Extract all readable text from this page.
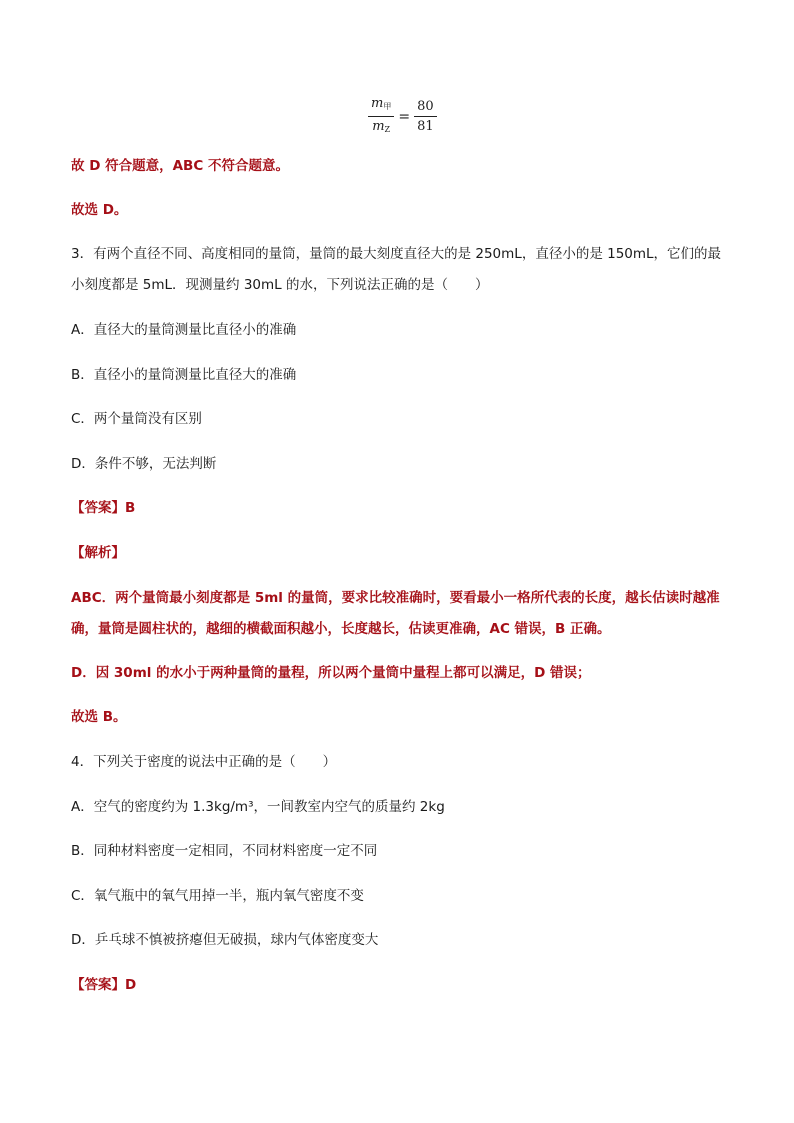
$\frac{m_甲}{m_Z} = \frac{80}{81}$
故 D 符合题意，ABC 不符合题意。
故选 D。
3．有两个直径不同、高度相同的量筒，量筒的最大刻度直径大的是 250mL，直径小的是 150mL，它们的最
小刻度都是 5mL．现测量约 30mL 的水，下列说法正确的是（　　）
A．直径大的量筒测量比直径小的准确
B．直径小的量筒测量比直径大的准确
C．两个量筒没有区别
D．条件不够，无法判断
【答案】B
【解析】
ABC．两个量筒最小刻度都是 5ml 的量筒，要求比较准确时，要看最小一格所代表的长度，越长估读时越准
确，量筒是圆柱状的，越细的横截面积越小，长度越长，估读更准确，AC 错误，B 正确。
D．因 30ml 的水小于两种量筒的量程，所以两个量筒中量程上都可以满足，D 错误；
故选 B。
4．下列关于密度的说法中正确的是（　　）
A．空气的密度约为 1.3kg/m³，一间教室内空气的质量约 2kg
B．同种材料密度一定相同，不同材料密度一定不同
C．氧气瓶中的氧气用掉一半，瓶内氧气密度不变
D．乒乓球不慎被挤瘪但无破损，球内气体密度变大
【答案】D
